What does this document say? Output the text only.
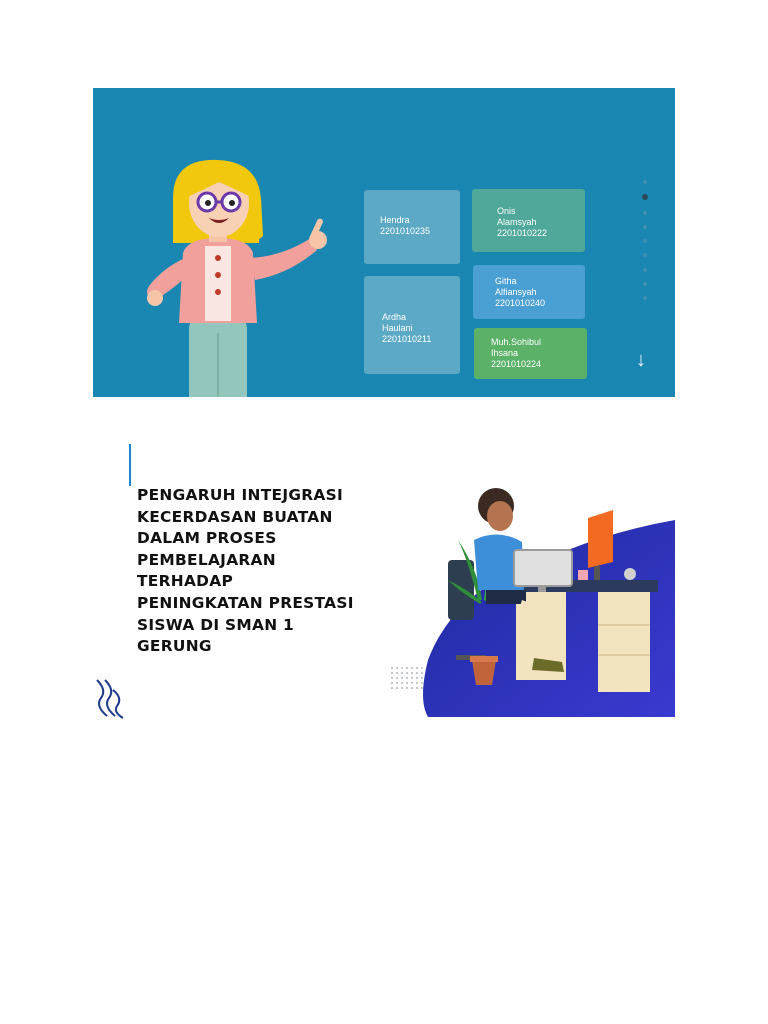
Hendra
2201010235
Onis
Alamsyah
2201010222
Ardha
Haulani
2201010211
Githa
Alfiansyah
2201010240
Muh.Sohibul
Ihsana
2201010224	↓
PENGARUH INTEJGRASI
KECERDASAN BUATAN
DALAM PROSES
PEMBELAJARAN
TERHADAP
PENINGKATAN PRESTASI
SISWA DI SMAN 1
GERUNG
